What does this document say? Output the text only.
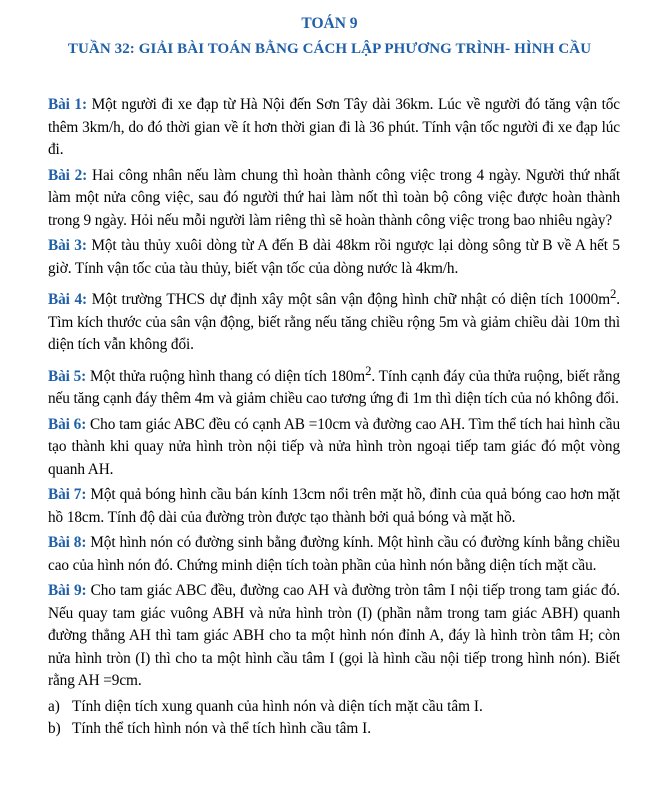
TOÁN 9

TUẦN 32: GIẢI BÀI TOÁN BẰNG CÁCH LẬP PHƯƠNG TRÌNH- HÌNH CẦU

Bài 1: Một người đi xe đạp từ Hà Nội đến Sơn Tây dài 36km. Lúc về người đó tăng vận tốc thêm 3km/h, do đó thời gian về ít hơn thời gian đi là 36 phút. Tính vận tốc người đi xe đạp lúc đi.

Bài 2: Hai công nhân nếu làm chung thì hoàn thành công việc trong 4 ngày. Người thứ nhất làm một nửa công việc, sau đó người thứ hai làm nốt thì toàn bộ công việc được hoàn thành trong 9 ngày. Hỏi nếu mỗi người làm riêng thì sẽ hoàn thành công việc trong bao nhiêu ngày?

Bài 3: Một tàu thủy xuôi dòng từ A đến B dài 48km rồi ngược lại dòng sông từ B về A hết 5 giờ. Tính vận tốc của tàu thủy, biết vận tốc của dòng nước là 4km/h.

Bài 4: Một trường THCS dự định xây một sân vận động hình chữ nhật có diện tích $1000m^2$. Tìm kích thước của sân vận động, biết rằng nếu tăng chiều rộng 5m và giảm chiều dài 10m thì diện tích vẫn không đổi.

Bài 5: Một thửa ruộng hình thang có diện tích $180m^2$. Tính cạnh đáy của thửa ruộng, biết rằng nếu tăng cạnh đáy thêm 4m và giảm chiều cao tương ứng đi 1m thì diện tích của nó không đổi.

Bài 6: Cho tam giác ABC đều có cạnh AB =10cm và đường cao AH. Tìm thể tích hai hình cầu tạo thành khi quay nửa hình tròn nội tiếp và nửa hình tròn ngoại tiếp tam giác đó một vòng quanh AH.

Bài 7: Một quả bóng hình cầu bán kính 13cm nổi trên mặt hồ, đỉnh của quả bóng cao hơn mặt hồ 18cm. Tính độ dài của đường tròn được tạo thành bởi quả bóng và mặt hồ.

Bài 8: Một hình nón có đường sinh bằng đường kính. Một hình cầu có đường kính bằng chiều cao của hình nón đó. Chứng minh diện tích toàn phần của hình nón bằng diện tích mặt cầu.

Bài 9: Cho tam giác ABC đều, đường cao AH và đường tròn tâm I nội tiếp trong tam giác đó. Nếu quay tam giác vuông ABH và nửa hình tròn (I) (phần nằm trong tam giác ABH) quanh đường thẳng AH thì tam giác ABH cho ta một hình nón đỉnh A, đáy là hình tròn tâm H; còn nửa hình tròn (I) thì cho ta một hình cầu tâm I (gọi là hình cầu nội tiếp trong hình nón). Biết rằng AH =9cm.

a) Tính diện tích xung quanh của hình nón và diện tích mặt cầu tâm I.
b) Tính thể tích hình nón và thể tích hình cầu tâm I.
